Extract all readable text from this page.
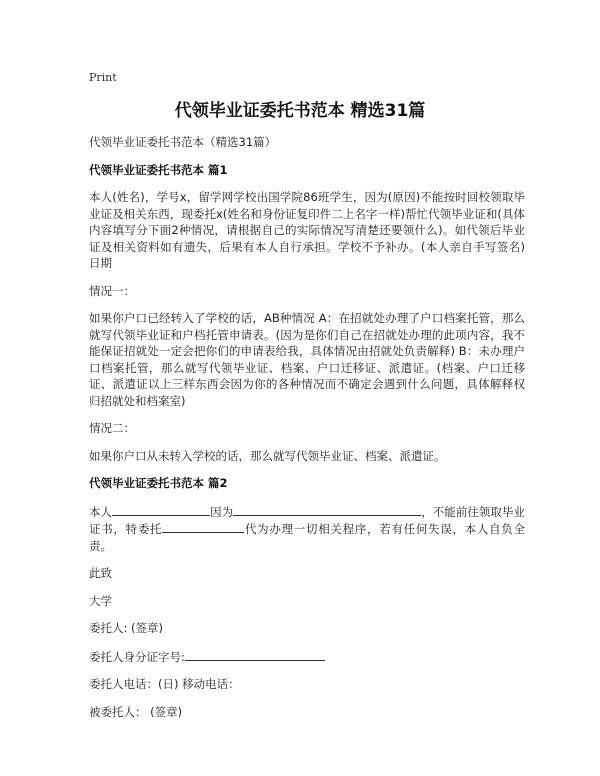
Print
代领毕业证委托书范本 精选31篇

代领毕业证委托书范本（精选31篇）

代领毕业证委托书范本 篇1

本人(姓名)，学号x，留学网学校出国学院86班学生，因为(原因)不能按时回校领取毕业证及相关东西，现委托x(姓名和身份证复印件二上名字一样)帮忙代领毕业证和(具体内容填写分下面2种情况，请根据自己的实际情况写清楚还要领什么)。如代领后毕业证及相关资料如有遗失，后果有本人自行承担。学校不予补办。(本人亲自手写签名) 日期

情况一：

如果你户口已经转入了学校的话，AB种情况 A：在招就处办理了户口档案托管，那么就写代领毕业证和户档托管申请表。(因为是你们自己在招就处办理的此项内容，我不能保证招就处一定会把你们的申请表给我，具体情况由招就处负责解释) B：未办理户口档案托管，那么就写代领毕业证、档案、户口迁移证、派遣证。(档案、户口迁移证、派遣证以上三样东西会因为你的各种情况而不确定会遇到什么问题，具体解释权归招就处和档案室)

情况二：

如果你户口从未转入学校的话，那么就写代领毕业证、档案、派遣证。

代领毕业证委托书范本 篇2

本人	因为	，不能前往领取毕业证书，特委托	代为办理一切相关程序，若有任何失误，本人自负全责。

此致

大学

委托人: (签章)

委托人身分证字号:

委托人电话：(日) 移动电话：

被委托人： (签章)
